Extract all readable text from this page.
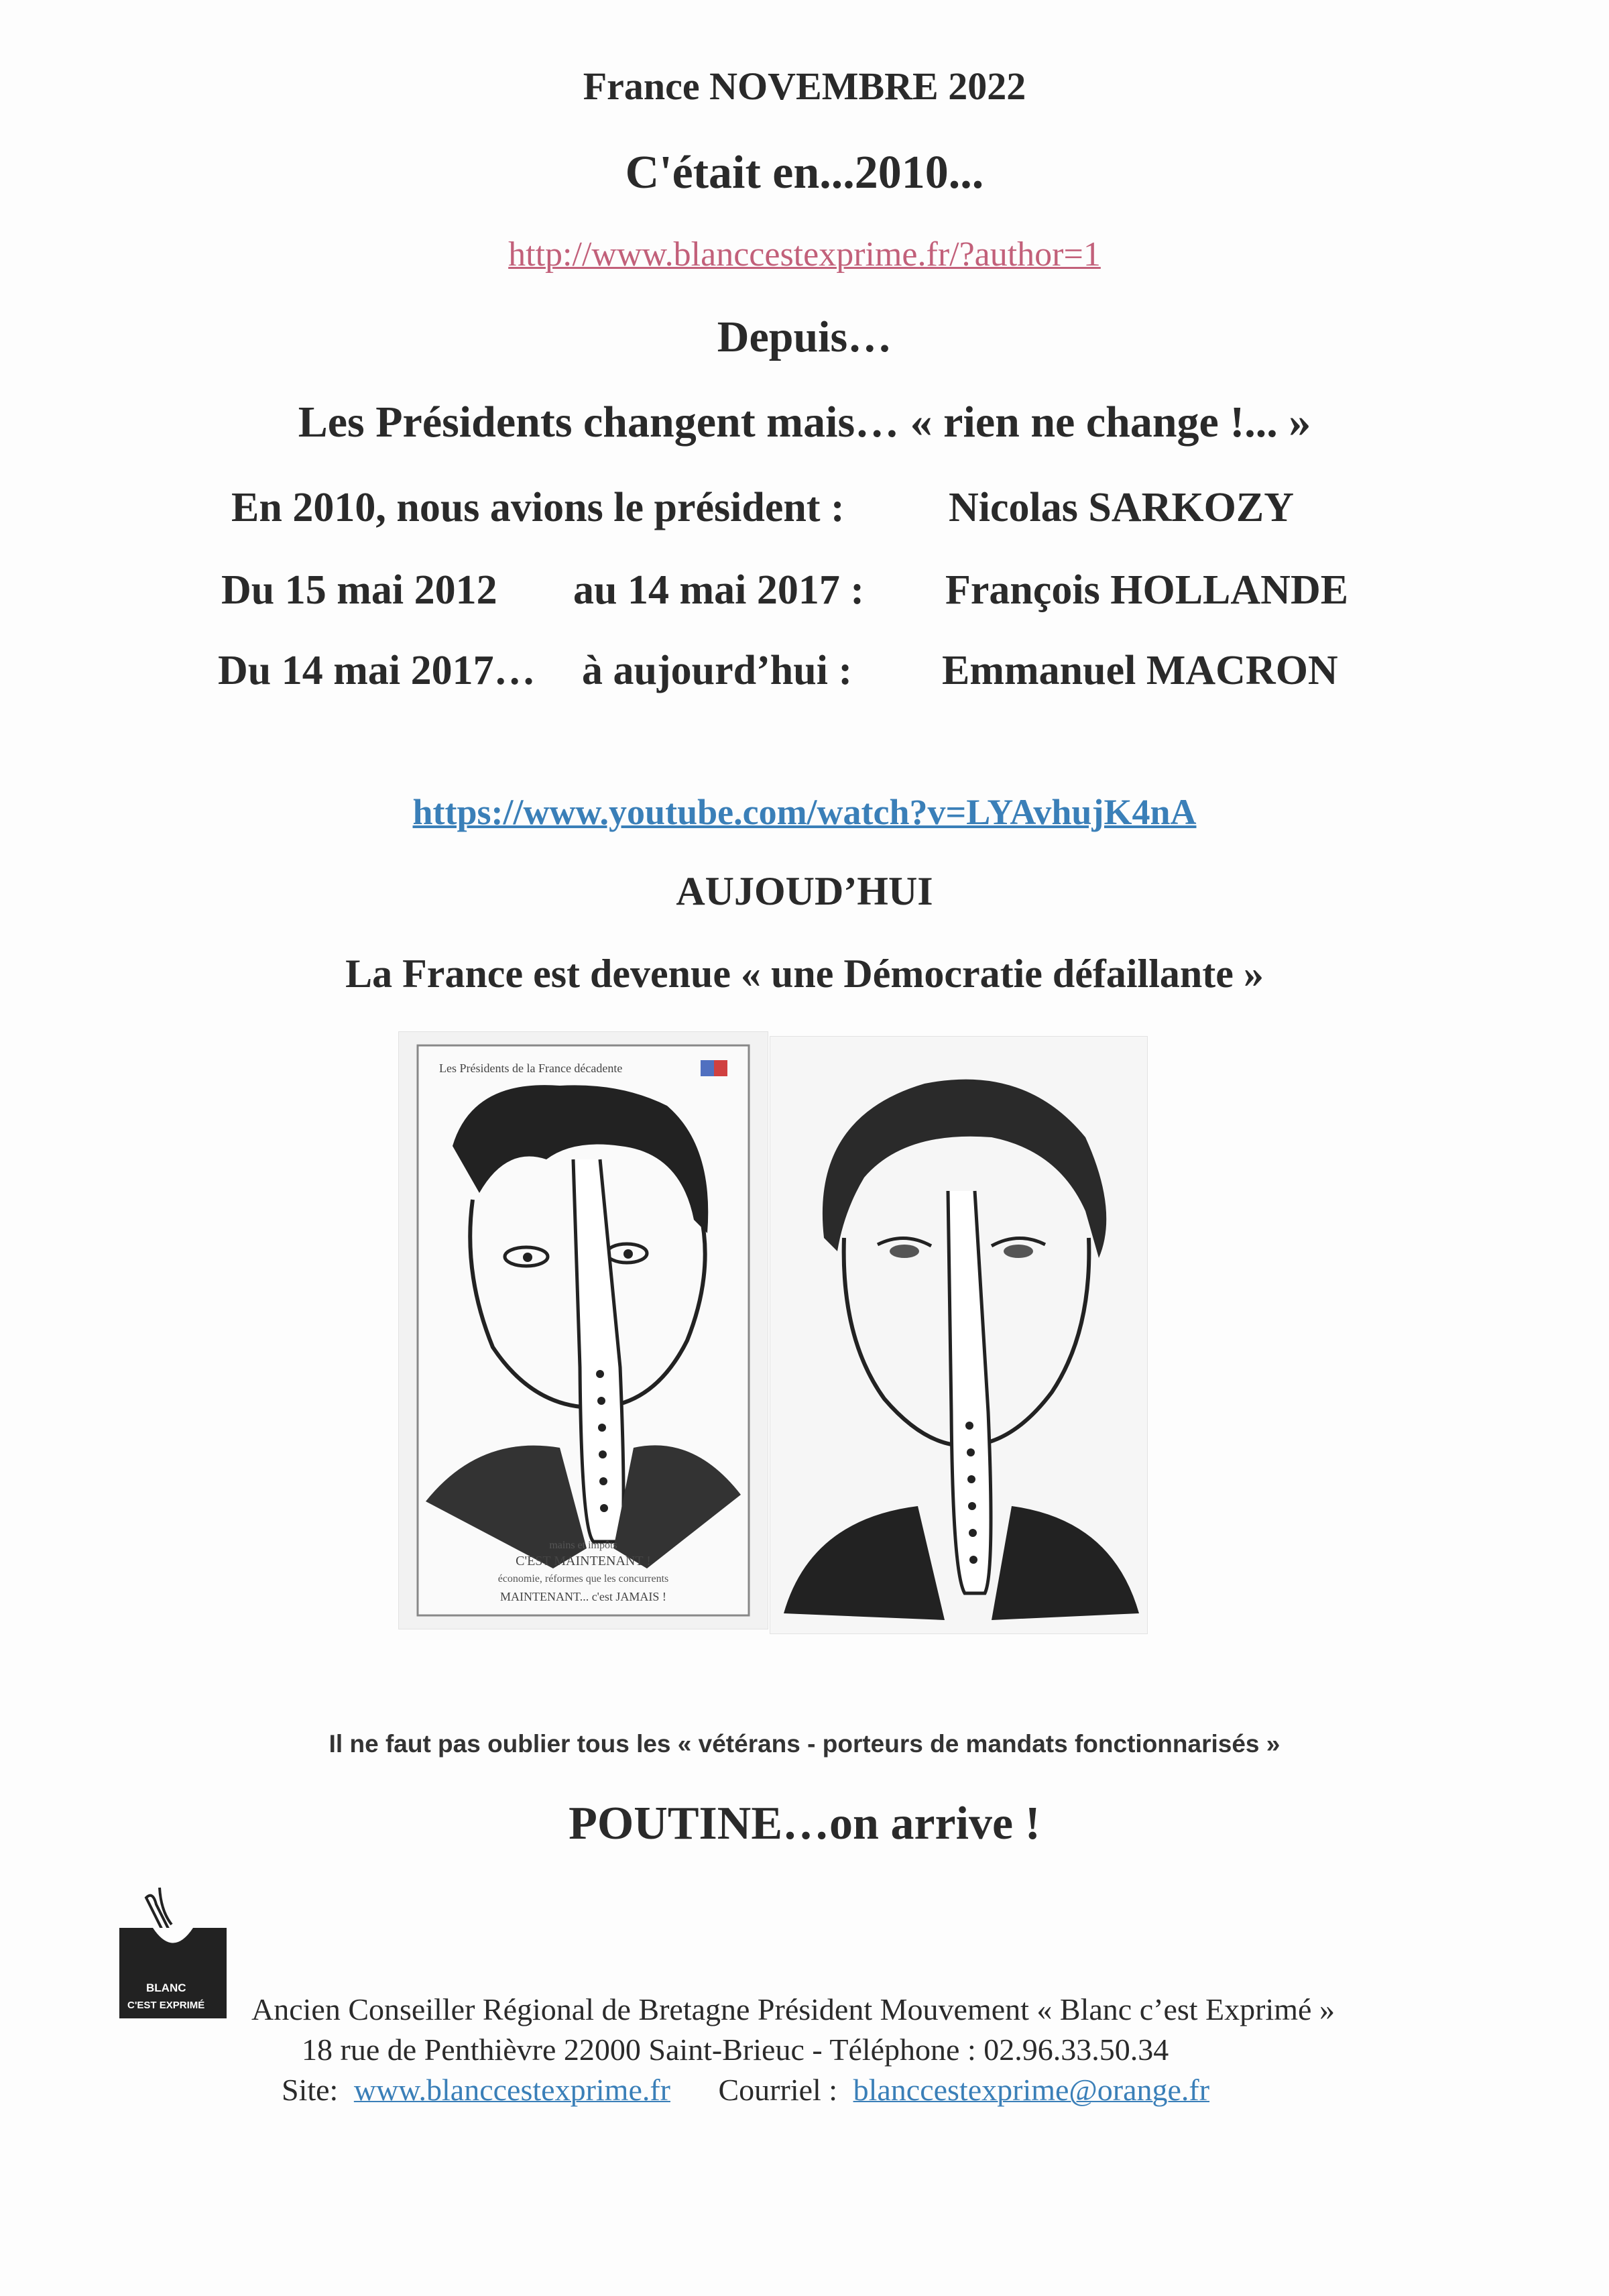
France NOVEMBRE 2022
C'était en...2010...
http://www.blanccestexprime.fr/?author=1
Depuis…
Les Présidents changent mais… « rien ne change !... »
En 2010, nous avions le président :	Nicolas SARKOZY
Du 15 mai 2012 au 14 mai 2017 : François HOLLANDE
Du 14 mai 2017… à aujourd’hui : Emmanuel MACRON
https://www.youtube.com/watch?v=LYAvhujK4nA
AUJOUD’HUI
La France est devenue « une Démocratie défaillante »
Les Présidents de la France décadente
mains et impôts
C'EST MAINTENANT !
économie, réformes que les concurrents
MAINTENANT... c'est JAMAIS !
Il ne faut pas oublier tous les « vétérans - porteurs de mandats fonctionnarisés »
POUTINE…on arrive !
BLANC
C'EST EXPRIMÉ Ancien Conseiller Régional de Bretagne Président Mouvement « Blanc c’est Exprimé »
18 rue de Penthièvre 22000 Saint-Brieuc - Téléphone : 02.96.33.50.34
Site: www.blanccestexprime.fr Courriel : blanccestexprime@orange.fr
